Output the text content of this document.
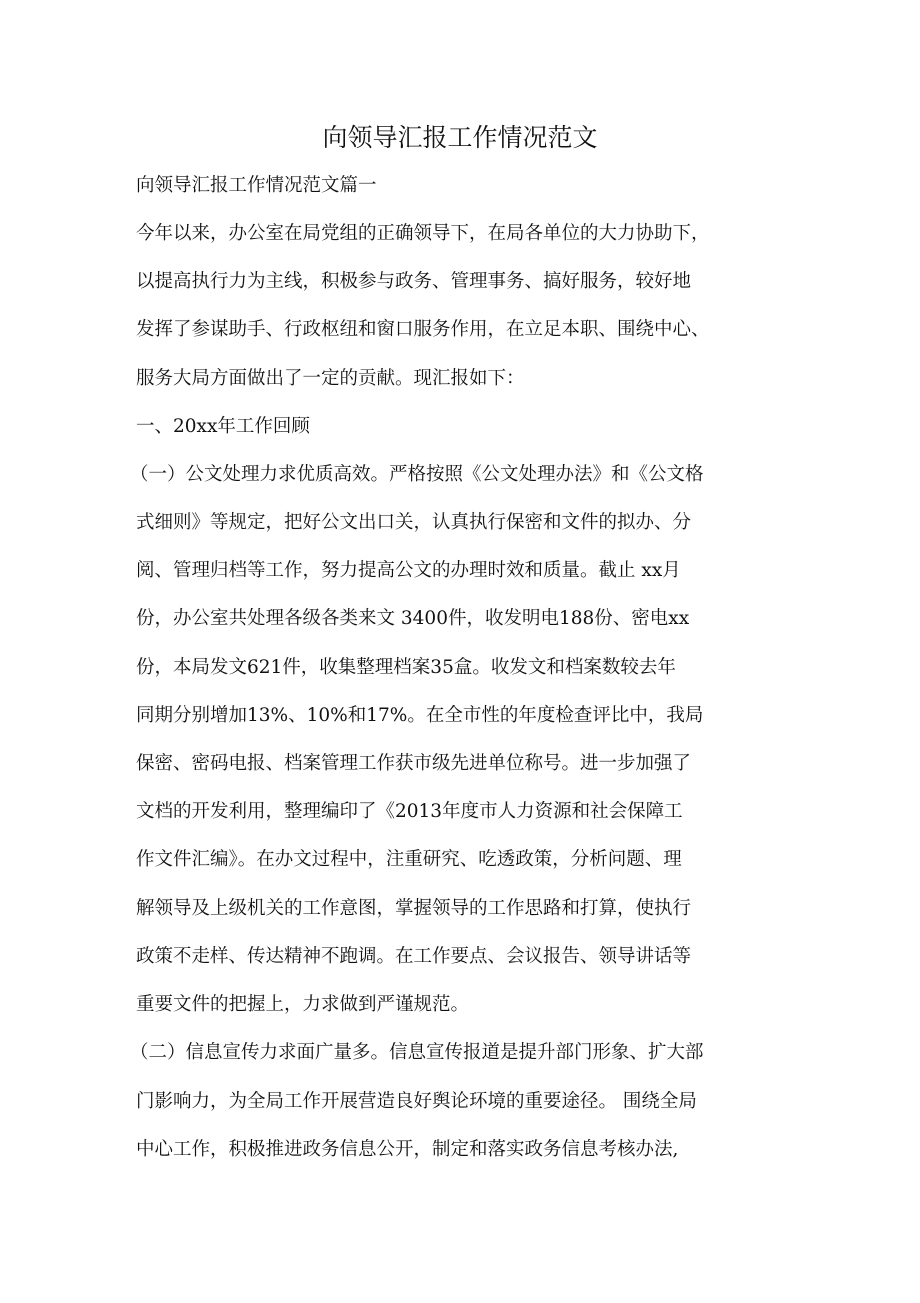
向领导汇报工作情况范文
向领导汇报工作情况范文篇一
今年以来，办公室在局党组的正确领导下，在局各单位的大力协助下，
以提高执行力为主线，积极参与政务、管理事务、搞好服务，较好地
发挥了参谋助手、行政枢纽和窗口服务作用，在立足本职、围绕中心、
服务大局方面做出了一定的贡献。现汇报如下：
一、20xx年工作回顾
（一）公文处理力求优质高效。严格按照《公文处理办法》和《公文格
式细则》等规定，把好公文出口关，认真执行保密和文件的拟办、分
阅、管理归档等工作，努力提高公文的办理时效和质量。截止 xx月
份，办公室共处理各级各类来文 3400件，收发明电188份、密电xx
份，本局发文621件，收集整理档案35盒。收发文和档案数较去年
同期分别增加13%、10%和17%。在全市性的年度检查评比中，我局
保密、密码电报、档案管理工作获市级先进单位称号。进一步加强了
文档的开发利用，整理编印了《2013年度市人力资源和社会保障工
作文件汇编》。在办文过程中，注重研究、吃透政策，分析问题、理
解领导及上级机关的工作意图，掌握领导的工作思路和打算，使执行
政策不走样、传达精神不跑调。在工作要点、会议报告、领导讲话等
重要文件的把握上，力求做到严谨规范。
（二）信息宣传力求面广量多。信息宣传报道是提升部门形象、扩大部
门影响力，为全局工作开展营造良好舆论环境的重要途径。 围绕全局
中心工作，积极推进政务信息公开，制定和落实政务信息考核办法,
